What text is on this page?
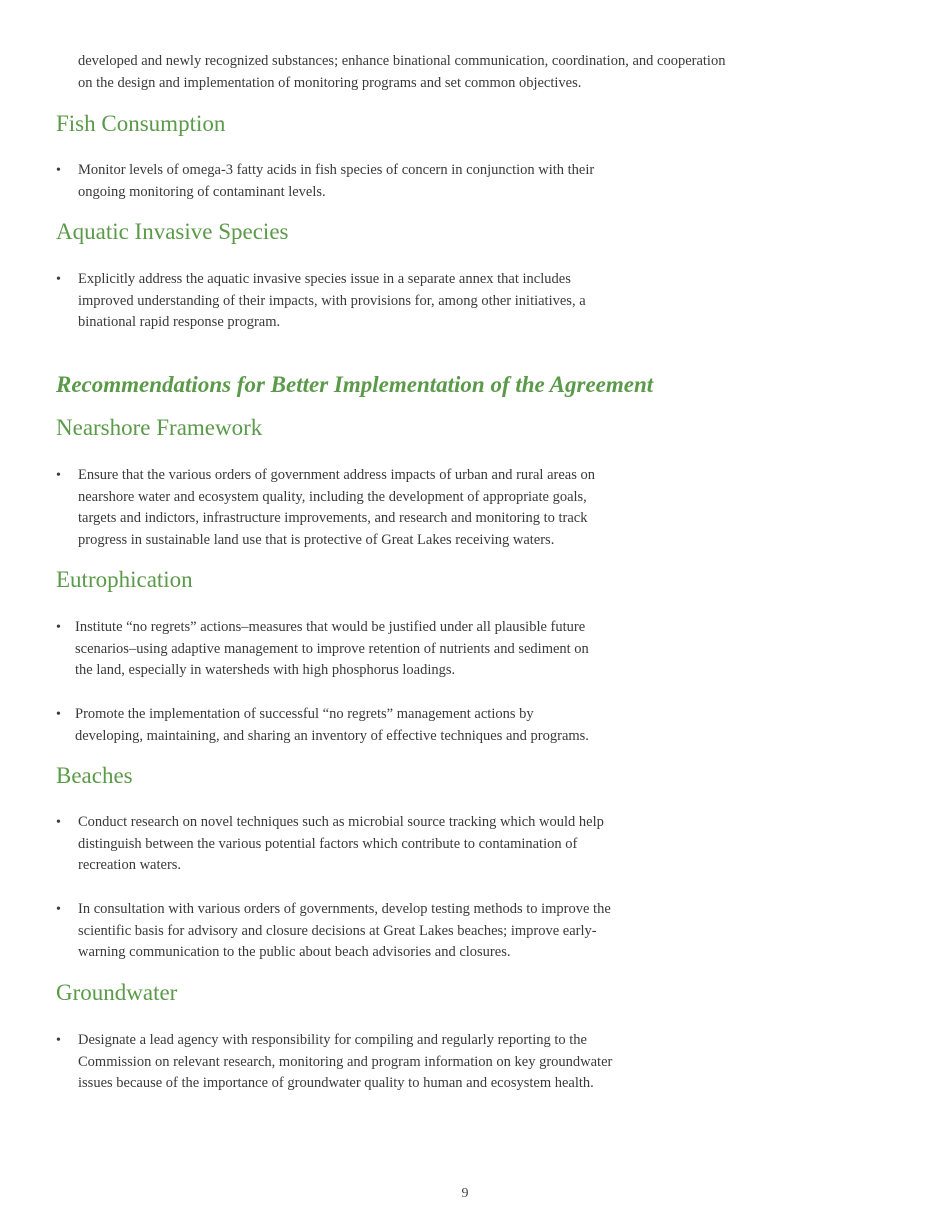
developed and newly recognized substances; enhance binational communication, coordination, and cooperation on the design and implementation of monitoring programs and set common objectives.

Fish Consumption
•	Monitor levels of omega-3 fatty acids in fish species of concern in conjunction with their ongoing monitoring of contaminant levels.
Aquatic Invasive Species
•	Explicitly address the aquatic invasive species issue in a separate annex that includes improved understanding of their impacts, with provisions for, among other initiatives, a binational rapid response program.
Recommendations for Better Implementation of the Agreement
Nearshore Framework
•	Ensure that the various orders of government address impacts of urban and rural areas on nearshore water and ecosystem quality, including the development of appropriate goals, targets and indictors, infrastructure improvements, and research and monitoring to track progress in sustainable land use that is protective of Great Lakes receiving waters.
Eutrophication
• Institute “no regrets” actions–measures that would be justified under all plausible future scenarios–using adaptive management to improve retention of nutrients and sediment on the land, especially in watersheds with high phosphorus loadings.
• Promote the implementation of successful “no regrets” management actions by developing, maintaining, and sharing an inventory of effective techniques and programs.
Beaches
•	Conduct research on novel techniques such as microbial source tracking which would help distinguish between the various potential factors which contribute to contamination of recreation waters.
•	In consultation with various orders of governments, develop testing methods to improve the scientific basis for advisory and closure decisions at Great Lakes beaches; improve early-warning communication to the public about beach advisories and closures.
Groundwater
•	Designate a lead agency with responsibility for compiling and regularly reporting to the Commission on relevant research, monitoring and program information on key groundwater issues because of the importance of groundwater quality to human and ecosystem health.
9
